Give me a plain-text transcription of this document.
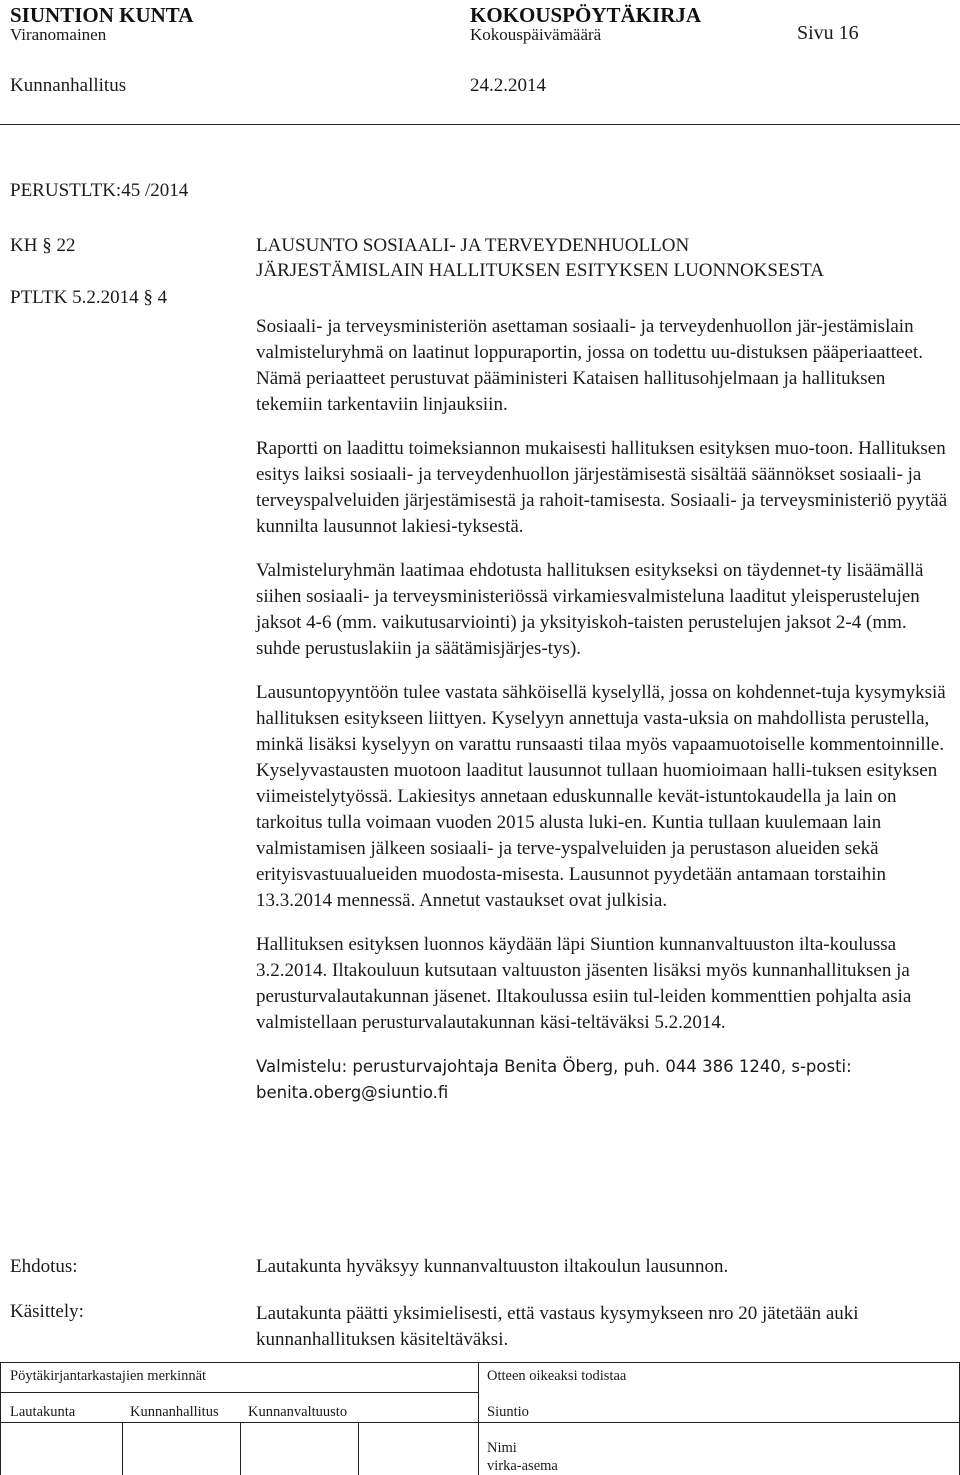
SIUNTION KUNTA	KOKOUSPÖYTÄKIRJA
Viranomainen	Kokouspäivämäärä	Sivu 16
Kunnanhallitus	24.2.2014
PERUSTLTK:45 /2014
KH § 22
PTLTK 5.2.2014 § 4
LAUSUNTO SOSIAALI- JA TERVEYDENHUOLLON
JÄRJESTÄMISLAIN HALLITUKSEN ESITYKSEN LUONNOKSESTA

Sosiaali- ja terveysministeriön asettaman sosiaali- ja terveydenhuollon jär-jestämislain valmisteluryhmä on laatinut loppuraportin, jossa on todettu uu-distuksen pääperiaatteet. Nämä periaatteet perustuvat pääministeri Kataisen hallitusohjelmaan ja hallituksen tekemiin tarkentaviin linjauksiin.

Raportti on laadittu toimeksiannon mukaisesti hallituksen esityksen muo-toon. Hallituksen esitys laiksi sosiaali- ja terveydenhuollon järjestämisestä sisältää säännökset sosiaali- ja terveyspalveluiden järjestämisestä ja rahoit-tamisesta. Sosiaali- ja terveysministeriö pyytää kunnilta lausunnot lakiesi-tyksestä.

Valmisteluryhmän laatimaa ehdotusta hallituksen esitykseksi on täydennet-ty lisäämällä siihen sosiaali- ja terveysministeriössä virkamiesvalmisteluna laaditut yleisperustelujen jaksot 4-6 (mm. vaikutusarviointi) ja yksityiskoh-taisten perustelujen jaksot 2-4 (mm. suhde perustuslakiin ja säätämisjärjes-tys).

Lausuntopyyntöön tulee vastata sähköisellä kyselyllä, jossa on kohdennet-tuja kysymyksiä hallituksen esitykseen liittyen. Kyselyyn annettuja vasta-uksia on mahdollista perustella, minkä lisäksi kyselyyn on varattu runsaasti tilaa myös vapaamuotoiselle kommentoinnille.

Kyselyvastausten muotoon laaditut lausunnot tullaan huomioimaan halli-tuksen esityksen viimeistelytyössä. Lakiesitys annetaan eduskunnalle kevät-istuntokaudella ja lain on tarkoitus tulla voimaan vuoden 2015 alusta luki-en. Kuntia tullaan kuulemaan lain valmistamisen jälkeen sosiaali- ja terve-yspalveluiden ja perustason alueiden sekä erityisvastuualueiden muodosta-misesta. Lausunnot pyydetään antamaan torstaihin 13.3.2014 mennessä. Annetut vastaukset ovat julkisia.

Hallituksen esityksen luonnos käydään läpi Siuntion kunnanvaltuuston ilta-koulussa 3.2.2014. Iltakouluun kutsutaan valtuuston jäsenten lisäksi myös kunnanhallituksen ja perusturvalautakunnan jäsenet. Iltakoulussa esiin tul-leiden kommenttien pohjalta asia valmistellaan perusturvalautakunnan käsi-teltäväksi 5.2.2014.

Valmistelu: perusturvajohtaja Benita Öberg, puh. 044 386 1240, s-posti: benita.oberg@siuntio.fi

Ehdotus:	Lautakunta hyväksyy kunnanvaltuuston iltakoulun lausunnon.
Käsittely:	Lautakunta päätti yksimielisesti, että vastaus kysymykseen nro 20 jätetään auki kunnanhallituksen käsiteltäväksi.
Pöytäkirjantarkastajien merkinnät
Lautakunta	Kunnanhallitus Kunnanvaltuusto
Otteen oikeaksi todistaa
Siuntio
Nimi
virka-asema
